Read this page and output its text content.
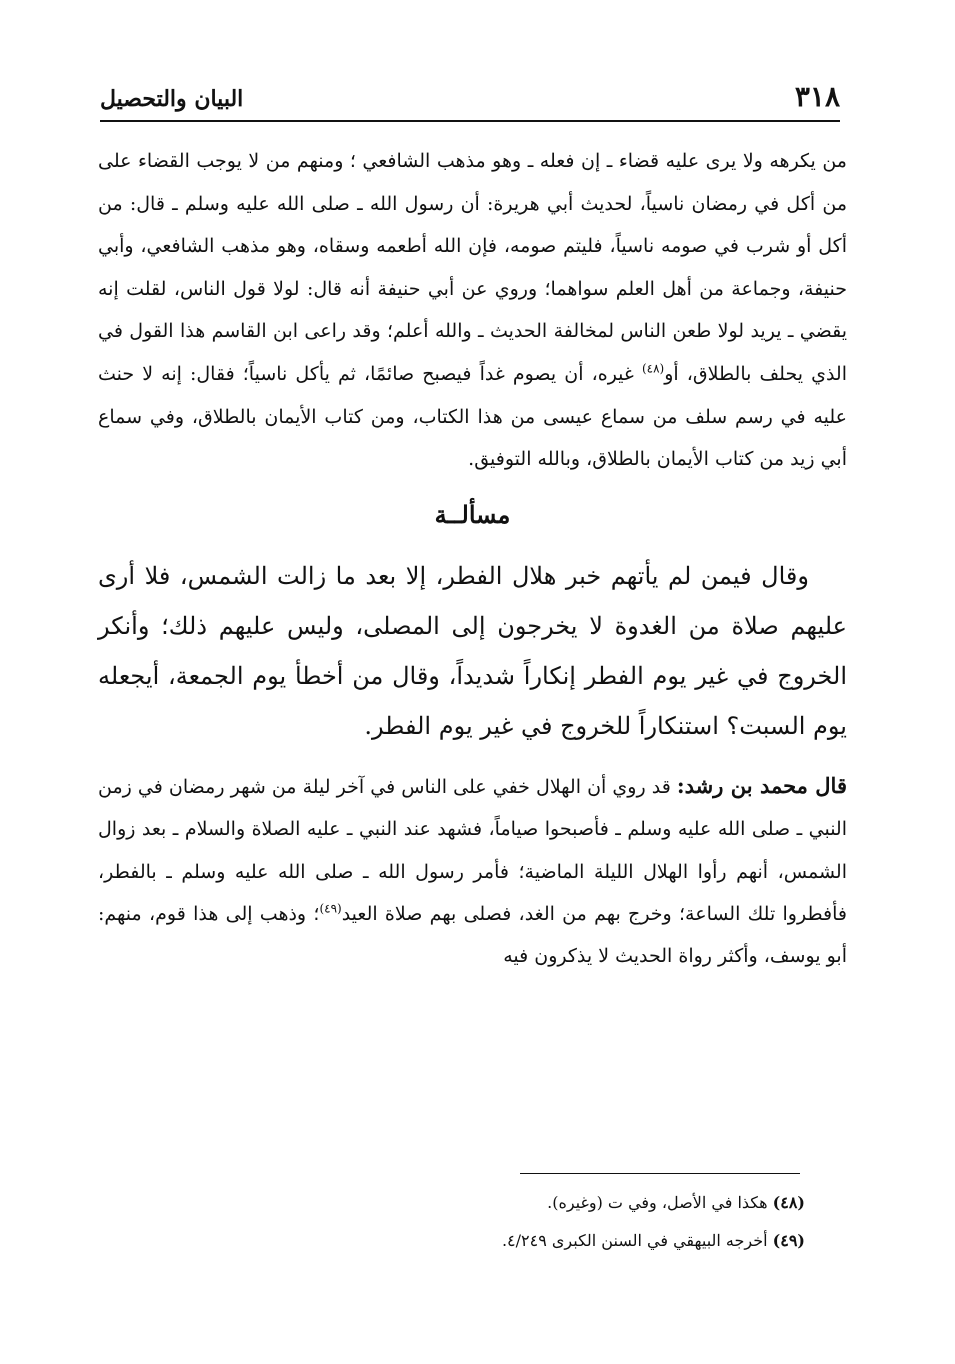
٣١٨
البيان والتحصيل

من يكرهه ولا يرى عليه قضاء ـ إن فعله ـ وهو مذهب الشافعي ؛ ومنهم من لا يوجب القضاء على من أكل في رمضان ناسياً، لحديث أبي هريرة: أن رسول الله ـ صلى الله عليه وسلم ـ قال: من أكل أو شرب في صومه ناسياً، فليتم صومه، فإن الله أطعمه وسقاه، وهو مذهب الشافعي، وأبي حنيفة، وجماعة من أهل العلم سواهما؛ وروي عن أبي حنيفة أنه قال: لولا قول الناس، لقلت إنه يقضي ـ يريد لولا طعن الناس لمخالفة الحديث ـ والله أعلم؛ وقد راعى ابن القاسم هذا القول في الذي يحلف بالطلاق، أو$^{(٤٨)}$ غيره، أن يصوم غداً فيصبح صائمًا، ثم يأكل ناسياً؛ فقال: إنه لا حنث عليه في رسم سلف من سماع عيسى من هذا الكتاب، ومن كتاب الأيمان بالطلاق، وفي سماع أبي زيد من كتاب الأيمان بالطلاق، وبالله التوفيق.

مسألــة

وقال فيمن لم يأتهم خبر هلال الفطر، إلا بعد ما زالت الشمس، فلا أرى عليهم صلاة من الغدوة لا يخرجون إلى المصلى، وليس عليهم ذلك؛ وأنكر الخروج في غير يوم الفطر إنكاراً شديداً، وقال من أخطأ يوم الجمعة، أيجعله يوم السبت؟ استنكاراً للخروج في غير يوم الفطر.

قال محمد بن رشد: قد روي أن الهلال خفي على الناس في آخر ليلة من شهر رمضان في زمن النبي ـ صلى الله عليه وسلم ـ فأصبحوا صياماً، فشهد عند النبي ـ عليه الصلاة والسلام ـ بعد زوال الشمس، أنهم رأوا الهلال الليلة الماضية؛ فأمر رسول الله ـ صلى الله عليه وسلم ـ بالفطر، فأفطروا تلك الساعة؛ وخرج بهم من الغد، فصلى بهم صلاة العيد$^{(٤٩)}$؛ وذهب إلى هذا قوم، منهم: أبو يوسف، وأكثر رواة الحديث لا يذكرون فيه

(٤٨) هكذا في الأصل، وفي ت (وغيره).

(٤٩) أخرجه البيهقي في السنن الكبرى ٤/٢٤٩.
